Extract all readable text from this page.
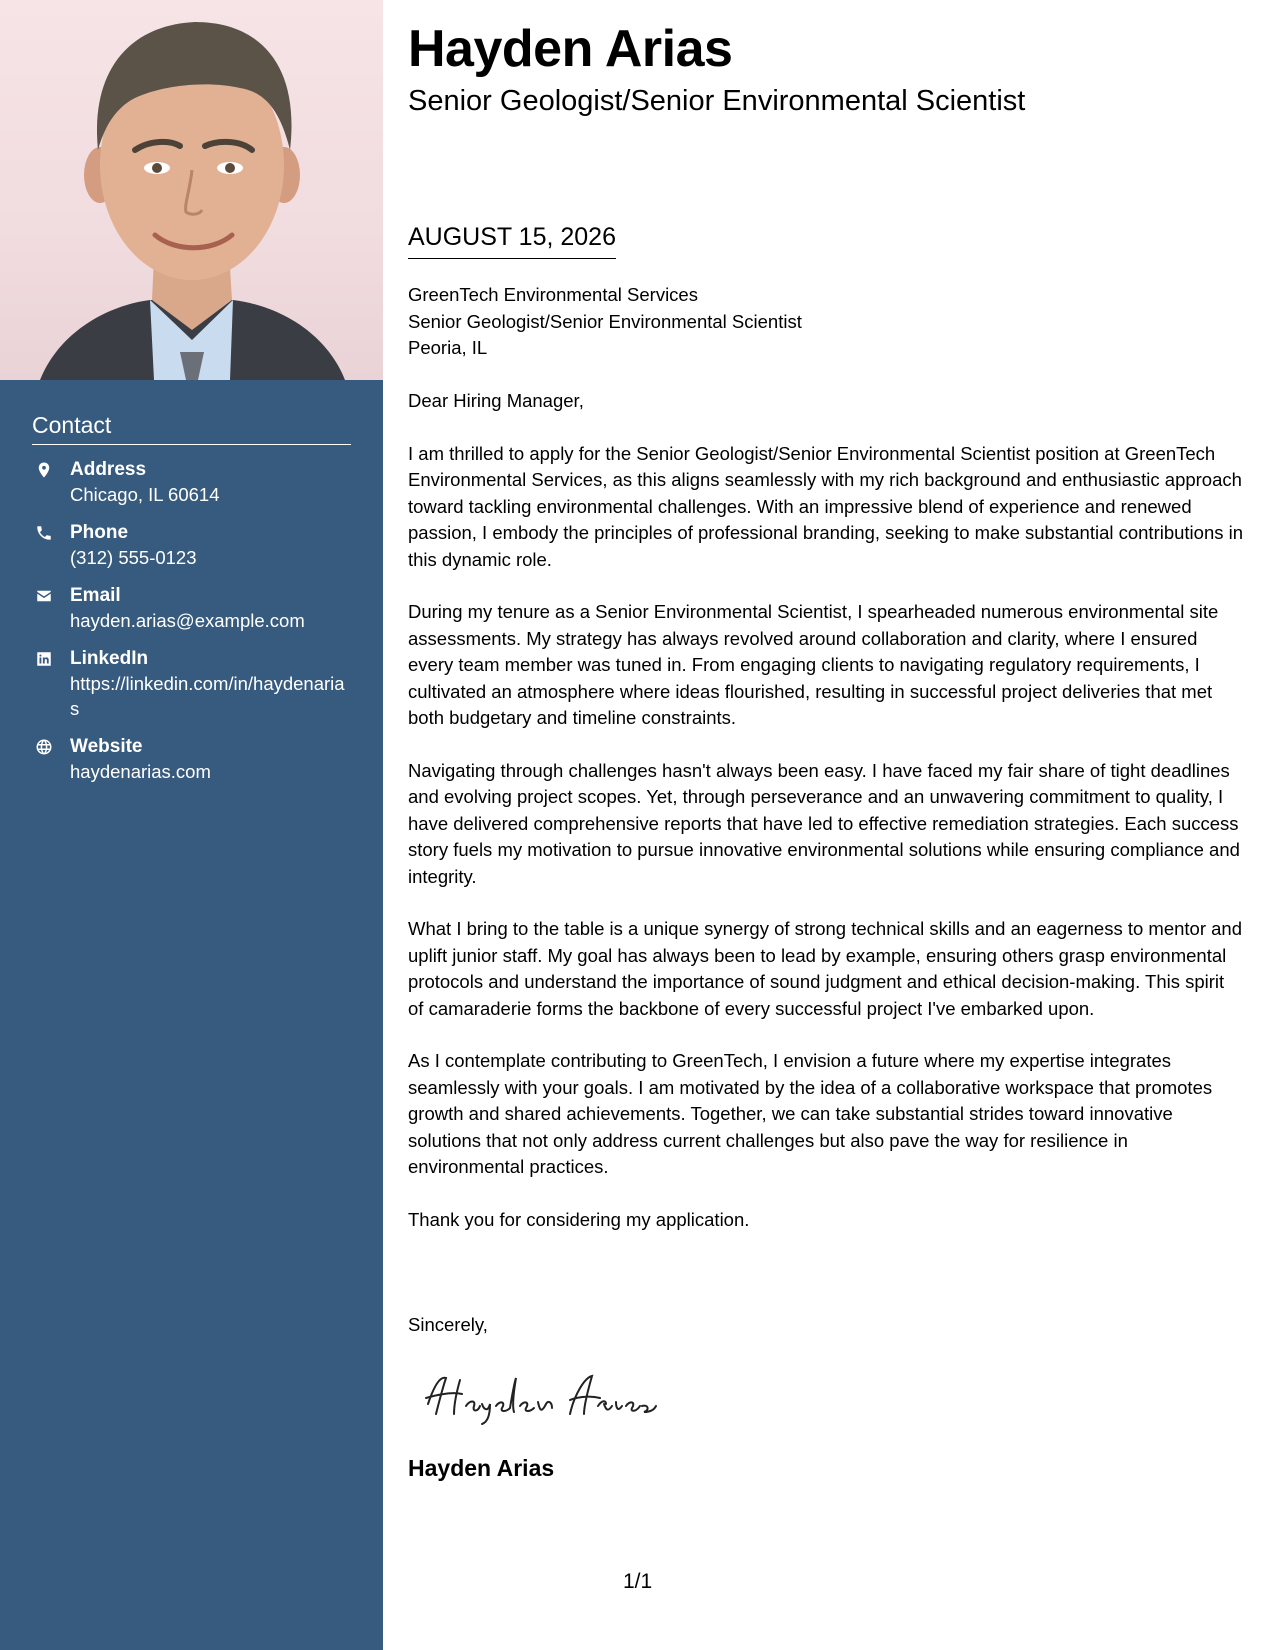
Contact
Address
Chicago, IL 60614
Phone
(312) 555-0123
Email
hayden.arias@example.com
LinkedIn
https://linkedin.com/in/haydenarias
Website
haydenarias.com
Hayden Arias
Senior Geologist/Senior Environmental Scientist
AUGUST 15, 2026
GreenTech Environmental Services
Senior Geologist/Senior Environmental Scientist
Peoria, IL

Dear Hiring Manager,

I am thrilled to apply for the Senior Geologist/Senior Environmental Scientist position at GreenTech Environmental Services, as this aligns seamlessly with my rich background and enthusiastic approach toward tackling environmental challenges. With an impressive blend of experience and renewed passion, I embody the principles of professional branding, seeking to make substantial contributions in this dynamic role.

During my tenure as a Senior Environmental Scientist, I spearheaded numerous environmental site assessments. My strategy has always revolved around collaboration and clarity, where I ensured every team member was tuned in. From engaging clients to navigating regulatory requirements, I cultivated an atmosphere where ideas flourished, resulting in successful project deliveries that met both budgetary and timeline constraints.

Navigating through challenges hasn't always been easy. I have faced my fair share of tight deadlines and evolving project scopes. Yet, through perseverance and an unwavering commitment to quality, I have delivered comprehensive reports that have led to effective remediation strategies. Each success story fuels my motivation to pursue innovative environmental solutions while ensuring compliance and integrity.

What I bring to the table is a unique synergy of strong technical skills and an eagerness to mentor and uplift junior staff. My goal has always been to lead by example, ensuring others grasp environmental protocols and understand the importance of sound judgment and ethical decision-making. This spirit of camaraderie forms the backbone of every successful project I've embarked upon.

As I contemplate contributing to GreenTech, I envision a future where my expertise integrates seamlessly with your goals. I am motivated by the idea of a collaborative workspace that promotes growth and shared achievements. Together, we can take substantial strides toward innovative solutions that not only address current challenges but also pave the way for resilience in environmental practices.

Thank you for considering my application.

Sincerely,
Hayden Arias
1/1
